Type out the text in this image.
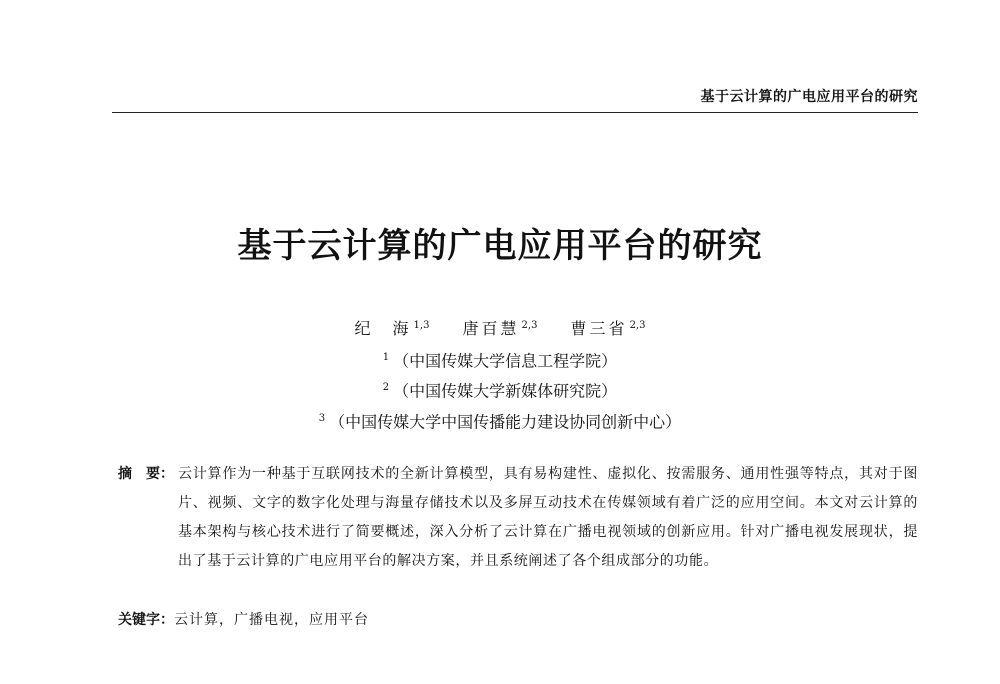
基于云计算的广电应用平台的研究
基于云计算的广电应用平台的研究
纪　海 $^{1,3}$ 唐百慧 $^{2,3}$ 曹三省 $^{2,3}$
$^1$ （中国传媒大学信息工程学院）
$^2$ （中国传媒大学新媒体研究院）
$^3$ （中国传媒大学中国传播能力建设协同创新中心）
摘　要： 云计算作为一种基于互联网技术的全新计算模型，具有易构建性、虚拟化、按需服务、通用性强等特点，其对于图片、视频、文字的数字化处理与海量存储技术以及多屏互动技术在传媒领域有着广泛的应用空间。本文对云计算的基本架构与核心技术进行了简要概述，深入分析了云计算在广播电视领域的创新应用。针对广播电视发展现状，提出了基于云计算的广电应用平台的解决方案，并且系统阐述了各个组成部分的功能。
关键字：云计算，广播电视，应用平台
